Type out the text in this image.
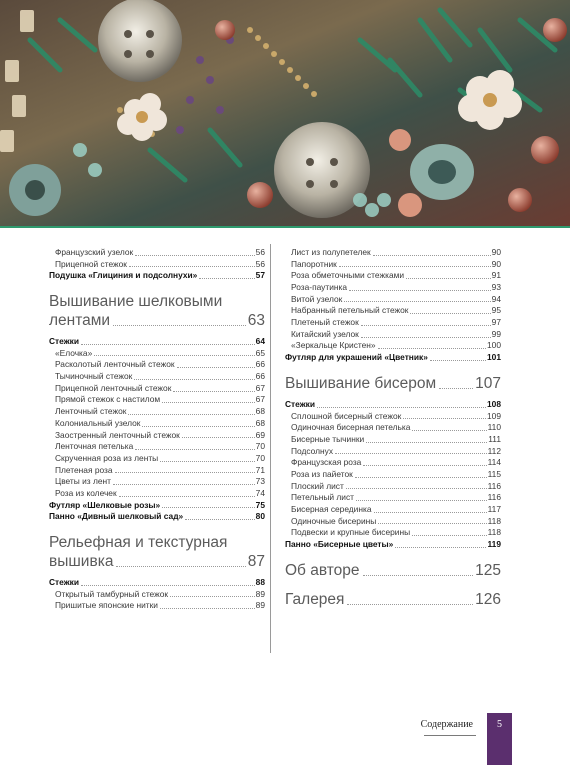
Французский узелок	56
Прицепной стежок	56
Подушка «Глициния и подсолнухи»	57
Вышивание шелковыми
лентами	63
Стежки	64
«Елочка»	65
Расколотый ленточный стежок	66
Тычиночный стежок	66
Прицепной ленточный стежок	67
Прямой стежок с настилом	67
Ленточный стежок	68
Колониальный узелок	68
Заостренный ленточный стежок	69
Ленточная петелька	70
Скрученная роза из ленты	70
Плетеная роза	71
Цветы из лент	73
Роза из колечек	74
Футляр «Шелковые розы»	75
Панно «Дивный шелковый сад»	80
Рельефная и текстурная
вышивка	87
Стежки	88
Открытый тамбурный стежок	89
Пришитые японские нитки	89
Лист из полупетелек	90
Папоротник	90
Роза обметочными стежками	91
Роза-паутинка	93
Витой узелок	94
Набранный петельный стежок	95
Плетеный стежок	97
Китайский узелок	99
«Зеркальце Кристен»	100
Футляр для украшений «Цветник»	101
Вышивание бисером	107
Стежки	108
Сплошной бисерный стежок	109
Одиночная бисерная петелька	110
Бисерные тычинки	111
Подсолнух	112
Французская роза	114
Роза из пайеток	115
Плоский лист	116
Петельный лист	116
Бисерная серединка	117
Одиночные бисерины	118
Подвески и крупные бисерины	118
Панно «Бисерные цветы»	119
Об авторе	125
Галерея	126
Содержание	5
